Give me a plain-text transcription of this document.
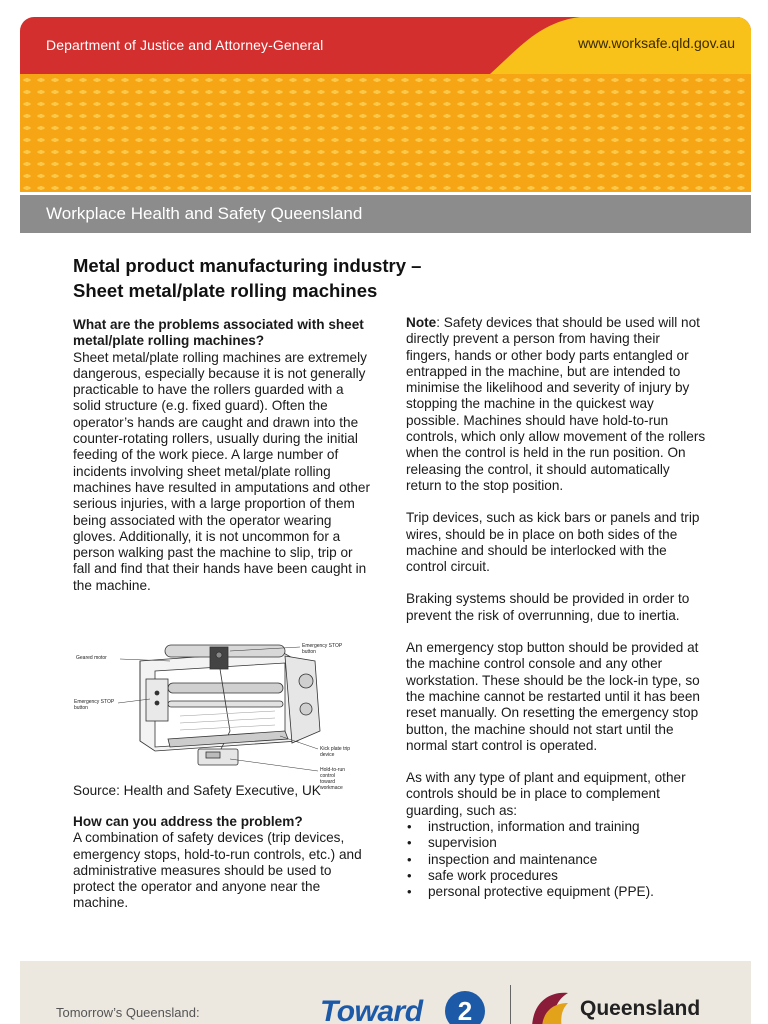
Department of Justice and Attorney-General	www.worksafe.qld.gov.au
Workplace Health and Safety Queensland
Metal product manufacturing industry –
Sheet metal/plate rolling machines

What are the problems associated with sheet metal/plate rolling machines?

Sheet metal/plate rolling machines are extremely dangerous, especially because it is not generally practicable to have the rollers guarded with a solid structure (e.g. fixed guard). Often the operator’s hands are caught and drawn into the counter-rotating rollers, usually during the initial feeding of the work piece. A large number of incidents involving sheet metal/plate rolling machines have resulted in amputations and other serious injuries, with a large proportion of them being associated with the operator wearing gloves. Additionally, it is not uncommon for a person walking past the machine to slip, trip or fall and find that their hands have been caught in the machine.

Geared motor
Emergency STOP button
Emergency STOP button
Kick plate trip device
Hold-to-run control toward workmace
Source: Health and Safety Executive, UK

How can you address the problem?

A combination of safety devices (trip devices, emergency stops, hold-to-run controls, etc.) and administrative measures should be used to protect the operator and anyone near the machine.

Note: Safety devices that should be used will not directly prevent a person from having their fingers, hands or other body parts entangled or entrapped in the machine, but are intended to minimise the likelihood and severity of injury by stopping the machine in the quickest way possible. Machines should have hold-to-run controls, which only allow movement of the rollers when the control is held in the run position. On releasing the control, it should automatically return to the stop position.

Trip devices, such as kick bars or panels and trip wires, should be in place on both sides of the machine and should be interlocked with the control circuit.

Braking systems should be provided in order to prevent the risk of overrunning, due to inertia.

An emergency stop button should be provided at the machine control console and any other workstation. These should be the lock-in type, so the machine cannot be restarted until it has been reset manually. On resetting the emergency stop button, the machine should not start until the normal start control is operated.

As with any type of plant and equipment, other controls should be in place to complement guarding, such as:

• instruction, information and training
• supervision
• inspection and maintenance
• safe work procedures
• personal protective equipment (PPE).
Tomorrow’s Queensland:	Toward	2	Queensland
